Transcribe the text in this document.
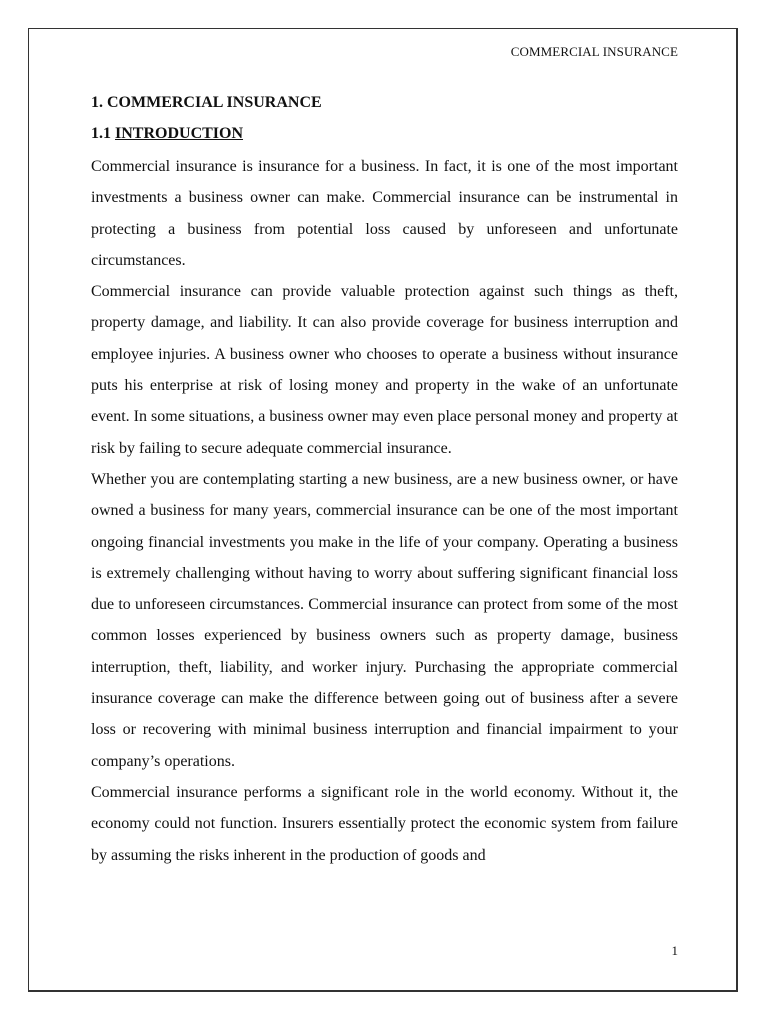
COMMERCIAL INSURANCE

1. COMMERCIAL INSURANCE

1.1 INTRODUCTION

Commercial insurance is insurance for a business. In fact, it is one of the most important investments a business owner can make. Commercial insurance can be instrumental in protecting a business from potential loss caused by unforeseen and unfortunate circumstances.

Commercial insurance can provide valuable protection against such things as theft, property damage, and liability. It can also provide coverage for business interruption and employee injuries. A business owner who chooses to operate a business without insurance puts his enterprise at risk of losing money and property in the wake of an unfortunate event. In some situations, a business owner may even place personal money and property at risk by failing to secure adequate commercial insurance.

Whether you are contemplating starting a new business, are a new business owner, or have owned a business for many years, commercial insurance can be one of the most important ongoing financial investments you make in the life of your company. Operating a business is extremely challenging without having to worry about suffering significant financial loss due to unforeseen circumstances. Commercial insurance can protect from some of the most common losses experienced by business owners such as property damage, business interruption, theft, liability, and worker injury. Purchasing the appropriate commercial insurance coverage can make the difference between going out of business after a severe loss or recovering with minimal business interruption and financial impairment to your company’s operations.

Commercial insurance performs a significant role in the world economy. Without it, the economy could not function. Insurers essentially protect the economic system from failure by assuming the risks inherent in the production of goods and

1
